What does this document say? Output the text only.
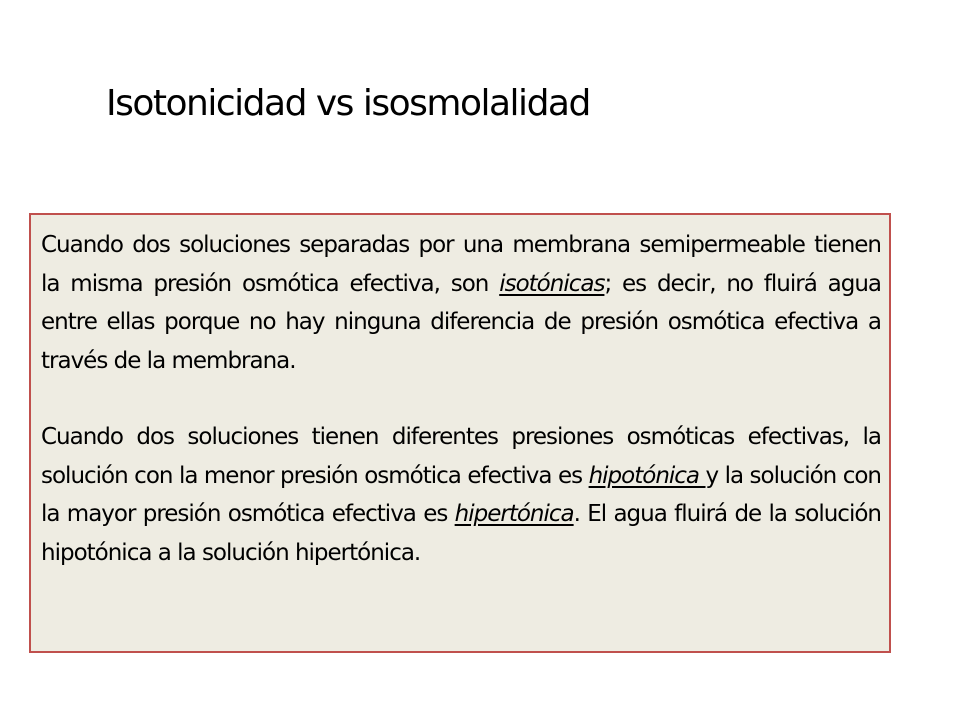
Isotonicidad vs isosmolalidad

Cuando dos soluciones separadas por una membrana semipermeable tienen la misma presión osmótica efectiva, son isotónicas; es decir, no fluirá agua entre ellas porque no hay ninguna diferencia de presión osmótica efectiva a través de la membrana.

Cuando dos soluciones tienen diferentes presiones osmóticas efectivas, la solución con la menor presión osmótica efectiva es hipotónica y la solución con la mayor presión osmótica efectiva es hipertónica. El agua fluirá de la solución hipotónica a la solución hipertónica.
